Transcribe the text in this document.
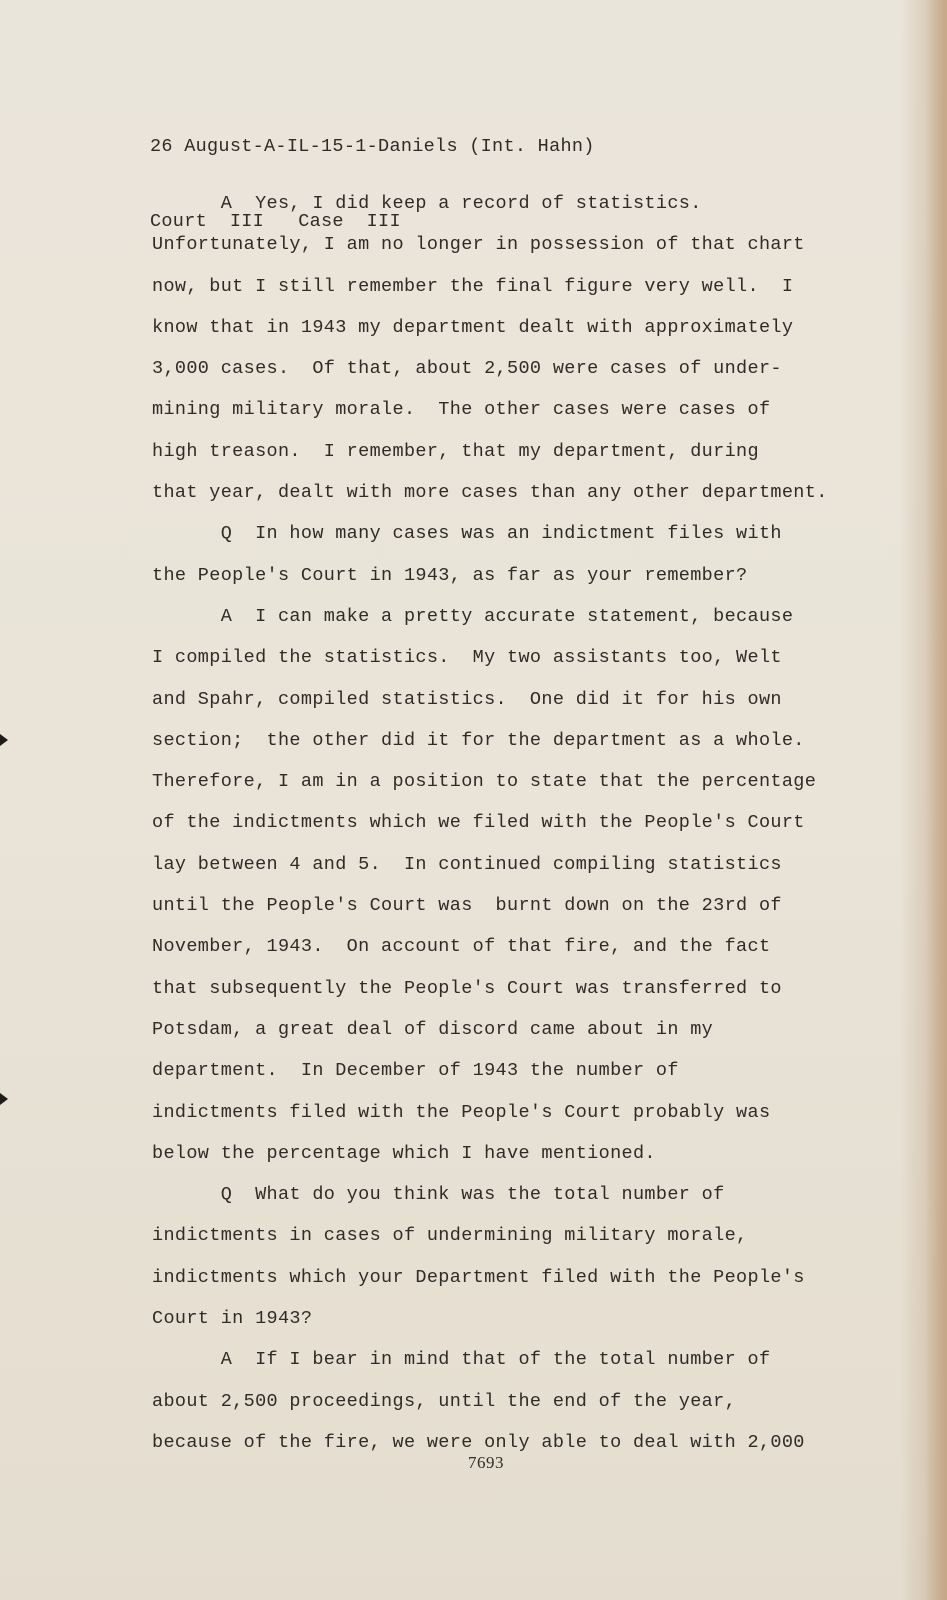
26 August-A-IL-15-1-Daniels (Int. Hahn)

Court  III   Case  III

A  Yes, I did keep a record of statistics.
Unfortunately, I am no longer in possession of that chart
now, but I still remember the final figure very well.  I
know that in 1943 my department dealt with approximately
3,000 cases.  Of that, about 2,500 were cases of under-
mining military morale.  The other cases were cases of
high treason.  I remember, that my department, during
that year, dealt with more cases than any other department.
Q  In how many cases was an indictment files with
the People's Court in 1943, as far as your remember?
A  I can make a pretty accurate statement, because
I compiled the statistics.  My two assistants too, Welt
and Spahr, compiled statistics.  One did it for his own
section;  the other did it for the department as a whole.
Therefore, I am in a position to state that the percentage
of the indictments which we filed with the People's Court
lay between 4 and 5.  In continued compiling statistics
until the People's Court was  burnt down on the 23rd of
November, 1943.  On account of that fire, and the fact
that subsequently the People's Court was transferred to
Potsdam, a great deal of discord came about in my
department.  In December of 1943 the number of
indictments filed with the People's Court probably was
below the percentage which I have mentioned.
Q  What do you think was the total number of
indictments in cases of undermining military morale,
indictments which your Department filed with the People's
Court in 1943?
A  If I bear in mind that of the total number of
about 2,500 proceedings, until the end of the year,
because of the fire, we were only able to deal with 2,000
7693
